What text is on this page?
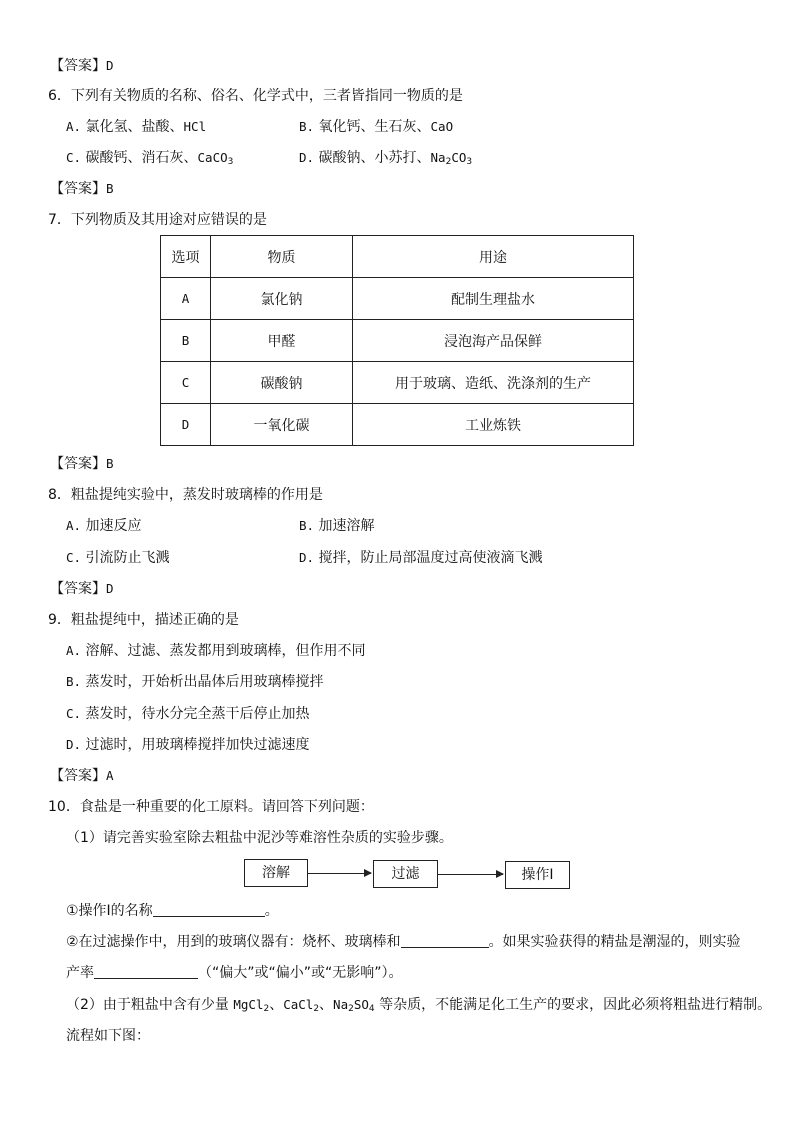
【答案】D
6．下列有关物质的名称、俗名、化学式中，三者皆指同一物质的是
A. 氯化氢、盐酸、HCl	B. 氧化钙、生石灰、CaO
C. 碳酸钙、消石灰、CaCO$_3$	D. 碳酸钠、小苏打、$Na_2CO_3$
【答案】B
7．下列物质及其用途对应错误的是
选项	物质	用途
A	氯化钠	配制生理盐水
B	甲醛	浸泡海产品保鲜
C	碳酸钠	用于玻璃、造纸、洗涤剂的生产
D	一氧化碳	工业炼铁
【答案】B
8．粗盐提纯实验中，蒸发时玻璃棒的作用是
A. 加速反应	B. 加速溶解
C. 引流防止飞溅	D. 搅拌，防止局部温度过高使液滴飞溅
【答案】D
9．粗盐提纯中，描述正确的是
A. 溶解、过滤、蒸发都用到玻璃棒，但作用不同
B. 蒸发时，开始析出晶体后用玻璃棒搅拌
C. 蒸发时，待水分完全蒸干后停止加热
D. 过滤时，用玻璃棒搅拌加快过滤速度
【答案】A
10．食盐是一种重要的化工原料。请回答下列问题：
（1）请完善实验室除去粗盐中泥沙等难溶性杂质的实验步骤。
溶解	过滤	操作I
①操作Ⅰ的名称	。
②在过滤操作中，用到的玻璃仪器有：烧杯、玻璃棒和	。如果实验获得的精盐是潮湿的，则实验
产率	（“偏大”或“偏小”或“无影响”）。
（2）由于粗盐中含有少量 MgCl$_2$、CaCl$_2$、$Na_2SO_4$ 等杂质，不能满足化工生产的要求，因此必须将粗盐进行精制。
流程如下图：
